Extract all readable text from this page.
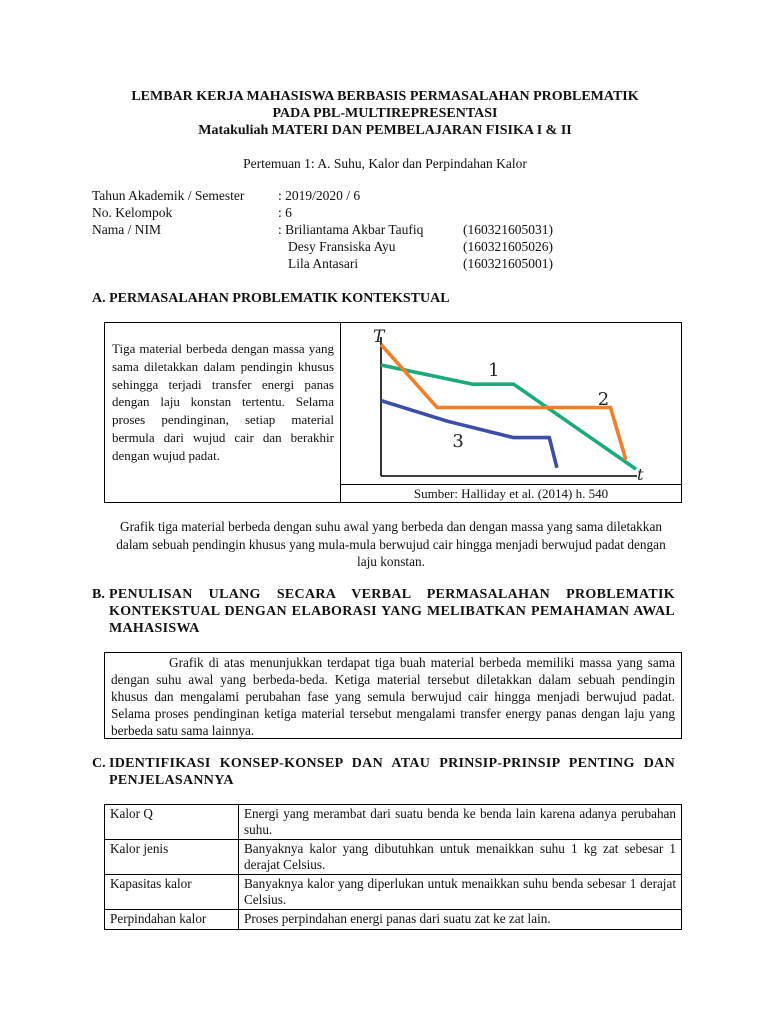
LEMBAR KERJA MAHASISWA BERBASIS PERMASALAHAN PROBLEMATIK
PADA PBL-MULTIREPRESENTASI
Matakuliah MATERI DAN PEMBELAJARAN FISIKA I & II
Pertemuan 1: A. Suhu, Kalor dan Perpindahan Kalor
Tahun Akademik / Semester : 2019/2020 / 6
No. Kelompok	: 6
Nama / NIM	: Briliantama Akbar Taufiq	(160321605031)
Desy Fransiska Ayu	(160321605026)
Lila Antasari	(160321605001)
A. PERMASALAHAN PROBLEMATIK KONTEKSTUAL
Tiga material berbeda dengan massa yang sama diletakkan dalam pendingin khusus sehingga terjadi transfer energi panas dengan laju konstan tertentu. Selama proses pendinginan, setiap material bermula dari wujud cair dan berakhir dengan wujud padat.
Sumber: Halliday et al. (2014) h. 540
T
t
1
2
3
Grafik tiga material berbeda dengan suhu awal yang berbeda dan dengan massa yang sama diletakkan dalam sebuah pendingin khusus yang mula-mula berwujud cair hingga menjadi berwujud padat dengan laju konstan.
B. PENULISAN ULANG SECARA VERBAL PERMASALAHAN PROBLEMATIK KONTEKSTUAL DENGAN ELABORASI YANG MELIBATKAN PEMAHAMAN AWAL MAHASISWA
Grafik di atas menunjukkan terdapat tiga buah material berbeda memiliki massa yang sama dengan suhu awal yang berbeda-beda. Ketiga material tersebut diletakkan dalam sebuah pendingin khusus dan mengalami perubahan fase yang semula berwujud cair hingga menjadi berwujud padat. Selama proses pendinginan ketiga material tersebut mengalami transfer energy panas dengan laju yang berbeda satu sama lainnya.
C. IDENTIFIKASI KONSEP-KONSEP DAN ATAU PRINSIP-PRINSIP PENTING DAN PENJELASANNYA
Kalor Q	Energi yang merambat dari suatu benda ke benda lain karena adanya perubahan suhu.
Kalor jenis	Banyaknya kalor yang dibutuhkan untuk menaikkan suhu 1 kg zat sebesar 1 derajat Celsius.
Kapasitas kalor	Banyaknya kalor yang diperlukan untuk menaikkan suhu benda sebesar 1 derajat Celsius.
Perpindahan kalor	Proses perpindahan energi panas dari suatu zat ke zat lain.
